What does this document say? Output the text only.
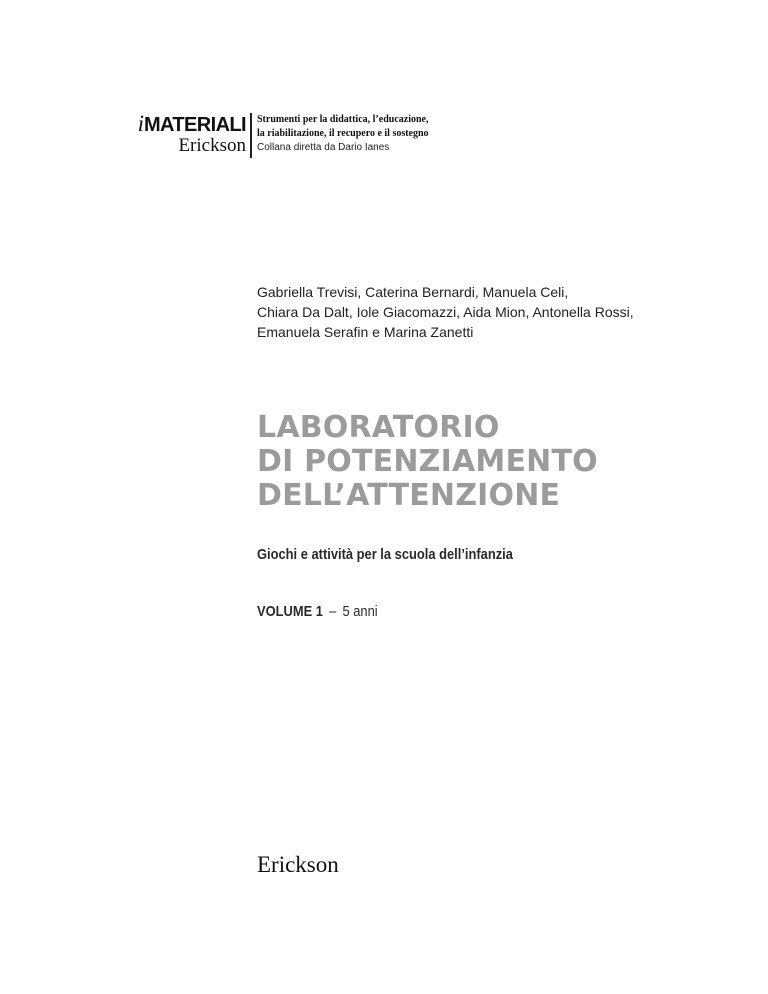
iMATERIALI
Erickson
Strumenti per la didattica, l’educazione,
la riabilitazione, il recupero e il sostegno
Collana diretta da Dario Ianes
Gabriella Trevisi, Caterina Bernardi, Manuela Celi,
Chiara Da Dalt, Iole Giacomazzi, Aida Mion, Antonella Rossi,
Emanuela Serafin e Marina Zanetti
LABORATORIO
DI POTENZIAMENTO
DELL’ATTENZIONE
Giochi e attività per la scuola dell’infanzia
VOLUME 1 – 5 anni
Erickson
